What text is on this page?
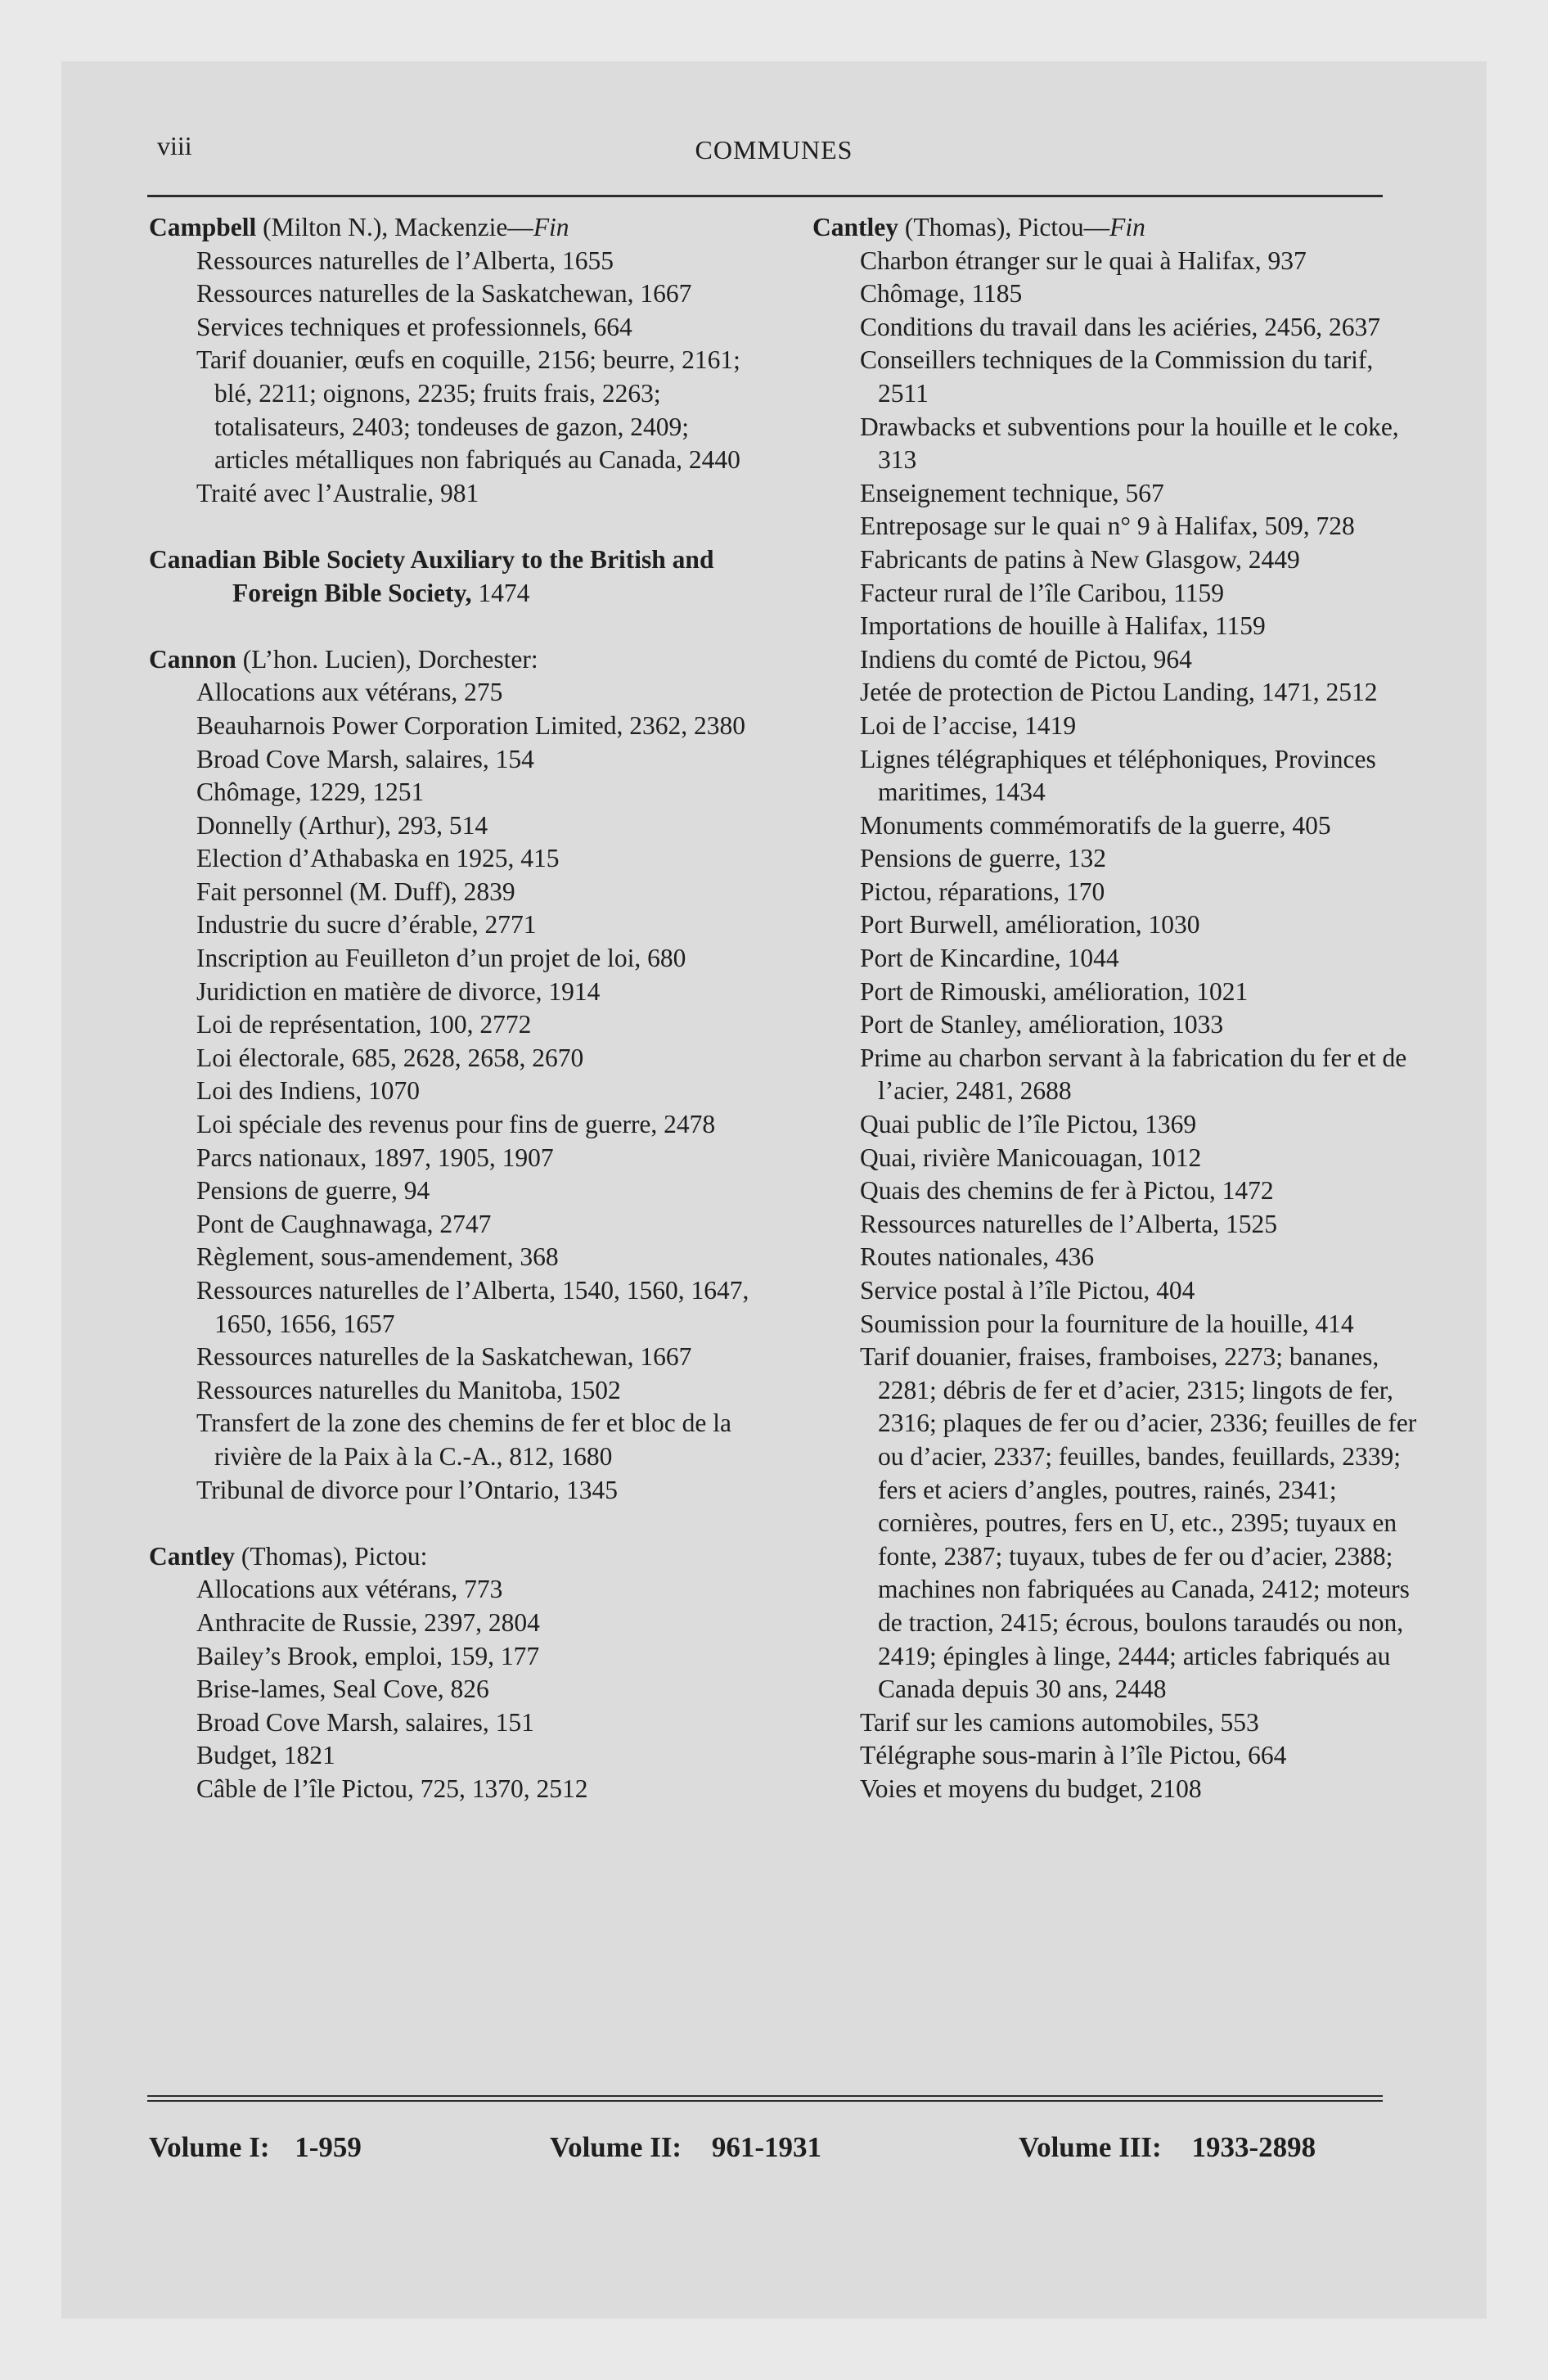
viii	COMMUNES

Campbell (Milton N.), Mackenzie—Fin

Ressources naturelles de l’Alberta, 1655

Ressources naturelles de la Saskatchewan, 1667

Services techniques et professionnels, 664

Tarif douanier, œufs en coquille, 2156; beurre, 2161; blé, 2211; oignons, 2235; fruits frais, 2263; totalisateurs, 2403; tondeuses de gazon, 2409; articles métalliques non fabriqués au Canada, 2440

Traité avec l’Australie, 981

Canadian Bible Society Auxiliary to the British and Foreign Bible Society, 1474

Cannon (L’hon. Lucien), Dorchester:

Allocations aux vétérans, 275

Beauharnois Power Corporation Limited, 2362, 2380

Broad Cove Marsh, salaires, 154

Chômage, 1229, 1251

Donnelly (Arthur), 293, 514

Election d’Athabaska en 1925, 415

Fait personnel (M. Duff), 2839

Industrie du sucre d’érable, 2771

Inscription au Feuilleton d’un projet de loi, 680

Juridiction en matière de divorce, 1914

Loi de représentation, 100, 2772

Loi électorale, 685, 2628, 2658, 2670

Loi des Indiens, 1070

Loi spéciale des revenus pour fins de guerre, 2478

Parcs nationaux, 1897, 1905, 1907

Pensions de guerre, 94

Pont de Caughnawaga, 2747

Règlement, sous-amendement, 368

Ressources naturelles de l’Alberta, 1540, 1560, 1647, 1650, 1656, 1657

Ressources naturelles de la Saskatchewan, 1667

Ressources naturelles du Manitoba, 1502

Transfert de la zone des chemins de fer et bloc de la rivière de la Paix à la C.-A., 812, 1680

Tribunal de divorce pour l’Ontario, 1345

Cantley (Thomas), Pictou:

Allocations aux vétérans, 773

Anthracite de Russie, 2397, 2804

Bailey’s Brook, emploi, 159, 177

Brise-lames, Seal Cove, 826

Broad Cove Marsh, salaires, 151

Budget, 1821

Câble de l’île Pictou, 725, 1370, 2512

Cantley (Thomas), Pictou—Fin

Charbon étranger sur le quai à Halifax, 937

Chômage, 1185

Conditions du travail dans les aciéries, 2456, 2637

Conseillers techniques de la Commission du tarif, 2511

Drawbacks et subventions pour la houille et le coke, 313

Enseignement technique, 567

Entreposage sur le quai n° 9 à Halifax, 509, 728

Fabricants de patins à New Glasgow, 2449

Facteur rural de l’île Caribou, 1159

Importations de houille à Halifax, 1159

Indiens du comté de Pictou, 964

Jetée de protection de Pictou Landing, 1471, 2512

Loi de l’accise, 1419

Lignes télégraphiques et téléphoniques, Provinces maritimes, 1434

Monuments commémoratifs de la guerre, 405

Pensions de guerre, 132

Pictou, réparations, 170

Port Burwell, amélioration, 1030

Port de Kincardine, 1044

Port de Rimouski, amélioration, 1021

Port de Stanley, amélioration, 1033

Prime au charbon servant à la fabrication du fer et de l’acier, 2481, 2688

Quai public de l’île Pictou, 1369

Quai, rivière Manicouagan, 1012

Quais des chemins de fer à Pictou, 1472

Ressources naturelles de l’Alberta, 1525

Routes nationales, 436

Service postal à l’île Pictou, 404

Soumission pour la fourniture de la houille, 414

Tarif douanier, fraises, framboises, 2273; bananes, 2281; débris de fer et d’acier, 2315; lingots de fer, 2316; plaques de fer ou d’acier, 2336; feuilles de fer ou d’acier, 2337; feuilles, bandes, feuillards, 2339; fers et aciers d’angles, poutres, rainés, 2341; cornières, poutres, fers en U, etc., 2395; tuyaux en fonte, 2387; tuyaux, tubes de fer ou d’acier, 2388; machines non fabriquées au Canada, 2412; moteurs de traction, 2415; écrous, boulons taraudés ou non, 2419; épingles à linge, 2444; articles fabriqués au Canada depuis 30 ans, 2448

Tarif sur les camions automobiles, 553

Télégraphe sous-marin à l’île Pictou, 664

Voies et moyens du budget, 2108

Volume I: 1-959	Volume II: 961-1931	Volume III: 1933-2898
